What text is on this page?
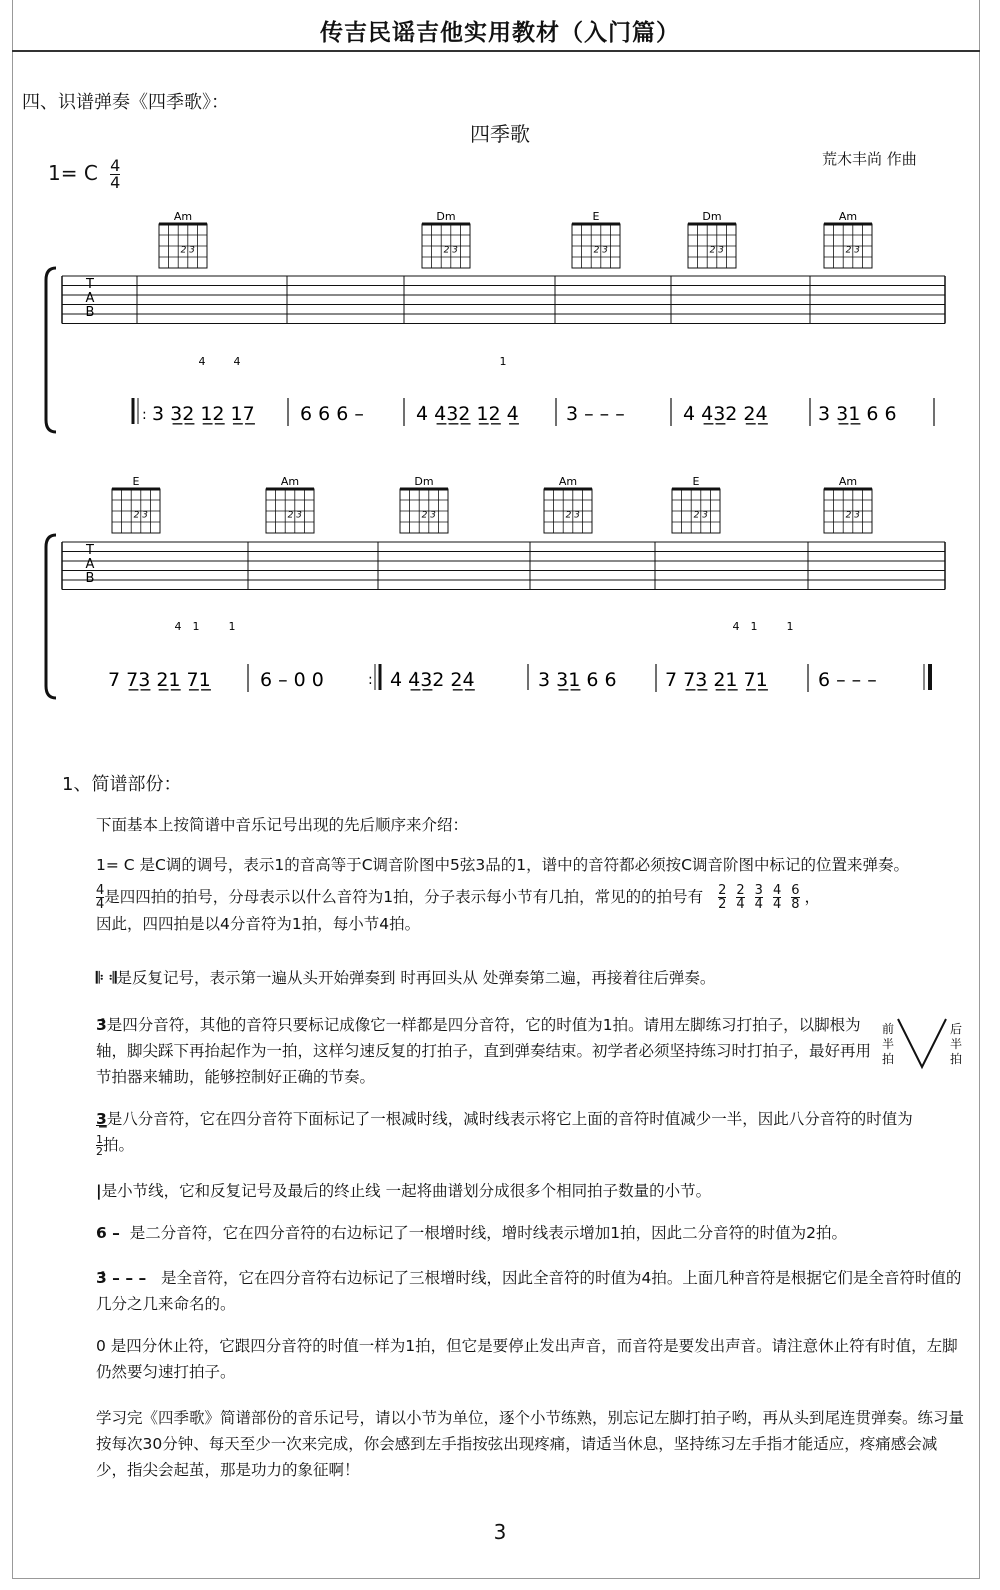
传吉民谣吉他实用教材（入门篇）
四、识谱弹奏《四季歌》：
四季歌
1= C $\frac{4}{4}$	荒木丰尚 作曲
Am
2 3
Dm
2 3
E
2 3
Dm
2 3
Am
2 3
T
A
B
4	4	1
: 3 3̲2̲ 1̲2̲ 1̲7̲ 6 6 6 –	4̇ 4̲̇3̲2̲ 1̲2̲ 4̲̇ 3 – – –	4̇ 4̲̇3̲2 2̲4̲̇	3 3̲1̲ 6 6
E
2 3
Am
2 3
Dm
2 3
Am
2 3
E
2 3
Am
2 3
T
A
B
4 1	1	4 1	1
7 7̲3̲ 2̲1̲ 7̲1̲	6 – 0 0	4̇ 4̲̇3̲2 2̲4̲̇	3 3̲1̲ 6 6	7 7̲3̲ 2̲1̲ 7̲1̲	6 – – –
:
1、简谱部份：
下面基本上按简谱中音乐记号出现的先后顺序来介绍：
1= C 是C调的调号，表示1的音高等于C调音阶图中5弦3品的1，谱中的音符都必须按C调音阶图中标记的位置来弹奏。
$\frac{4}{4}$ 是四四拍的拍号，分母表示以什么音符为1拍，分子表示每小节有几拍，常见的的拍号有 $\frac{2}{2} \frac{2}{4} \frac{3}{4} \frac{4}{4} \frac{6}{8}$ ，
因此，四四拍是以4分音符为1拍，每小节4拍。
𝄆 𝄇是反复记号，表示第一遍从头开始弹奏到 时再回头从 处弹奏第二遍，再接着往后弹奏。
3̇是四分音符，其他的音符只要标记成像它一样都是四分音符，它的时值为1拍。请用左脚练习打拍子，以脚根为轴，脚尖踩下再抬起作为一拍，这样匀速反复的打拍子，直到弹奏结束。初学者必须坚持练习时打拍子，最好再用节拍器来辅助，能够控制好正确的节奏。
前
半
拍
后
半
拍
3̲是八分音符，它在四分音符下面标记了一根减时线，减时线表示将它上面的音符时值减少一半，因此八分音符的时值为

$\frac{1}{2}$ 拍。
|是小节线，它和反复记号及最后的终止线 一起将曲谱划分成很多个相同拍子数量的小节。
6 – 是二分音符，它在四分音符的右边标记了一根增时线，增时线表示增加1拍，因此二分音符的时值为2拍。
3̇ – – – 是全音符，它在四分音符右边标记了三根增时线，因此全音符的时值为4拍。上面几种音符是根据它们是全音符时值的几分之几来命名的。
0 是四分休止符，它跟四分音符的时值一样为1拍，但它是要停止发出声音，而音符是要发出声音。请注意休止符有时值，左脚仍然要匀速打拍子。
学习完《四季歌》简谱部份的音乐记号，请以小节为单位，逐个小节练熟，别忘记左脚打拍子哟，再从头到尾连贯弹奏。练习量按每次30分钟、每天至少一次来完成，你会感到左手指按弦出现疼痛，请适当休息，坚持练习左手指才能适应，疼痛感会减少，指尖会起茧，那是功力的象征啊！
3
